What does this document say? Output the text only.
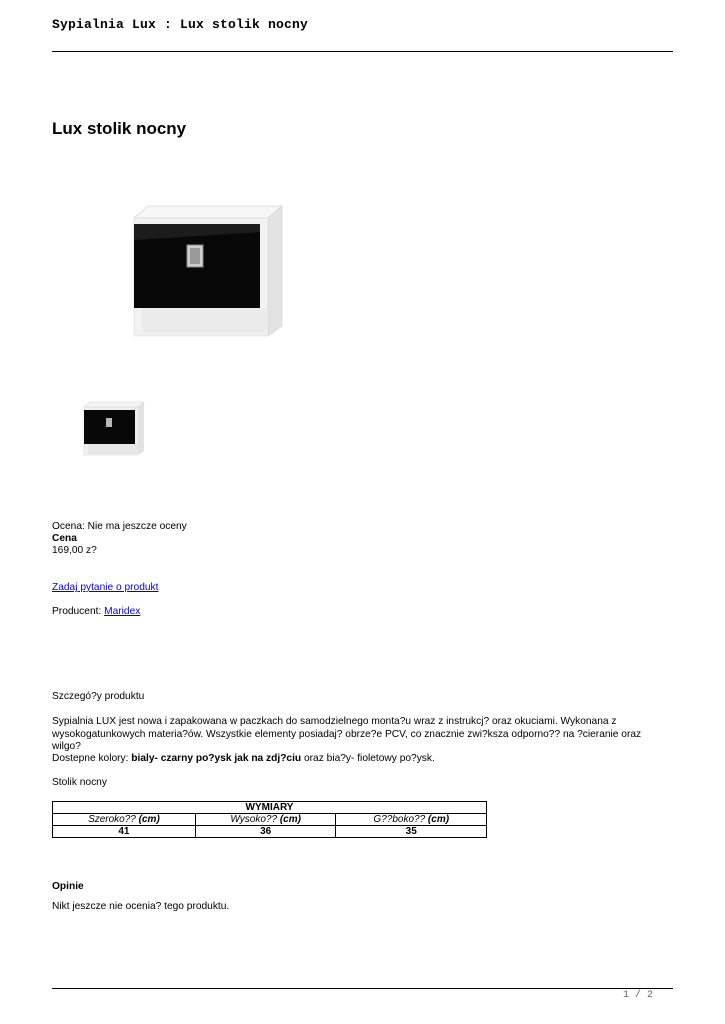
Sypialnia Lux : Lux stolik nocny
Lux stolik nocny
Ocena: Nie ma jeszcze oceny
Cena
169,00 z?
Zadaj pytanie o produkt
Producent: Maridex
Szczegó?y produktu
Sypialnia LUX jest nowa i zapakowana w paczkach do samodzielnego monta?u wraz z instrukcj? oraz okuciami. Wykonana z wysokogatunkowych materia?ów. Wszystkie elementy posiadaj? obrze?e PCV, co znacznie zwi?ksza odporno?? na ?cieranie oraz wilgo?
Dostepne kolory: bialy- czarny po?ysk jak na zdj?ciu oraz bia?y- fioletowy po?ysk.
Stolik nocny
WYMIARY		
Szeroko?? (cm)	Wysoko?? (cm)	G??boko?? (cm)
41	36	35
Opinie
Nikt jeszcze nie ocenia? tego produktu.
1 / 2
